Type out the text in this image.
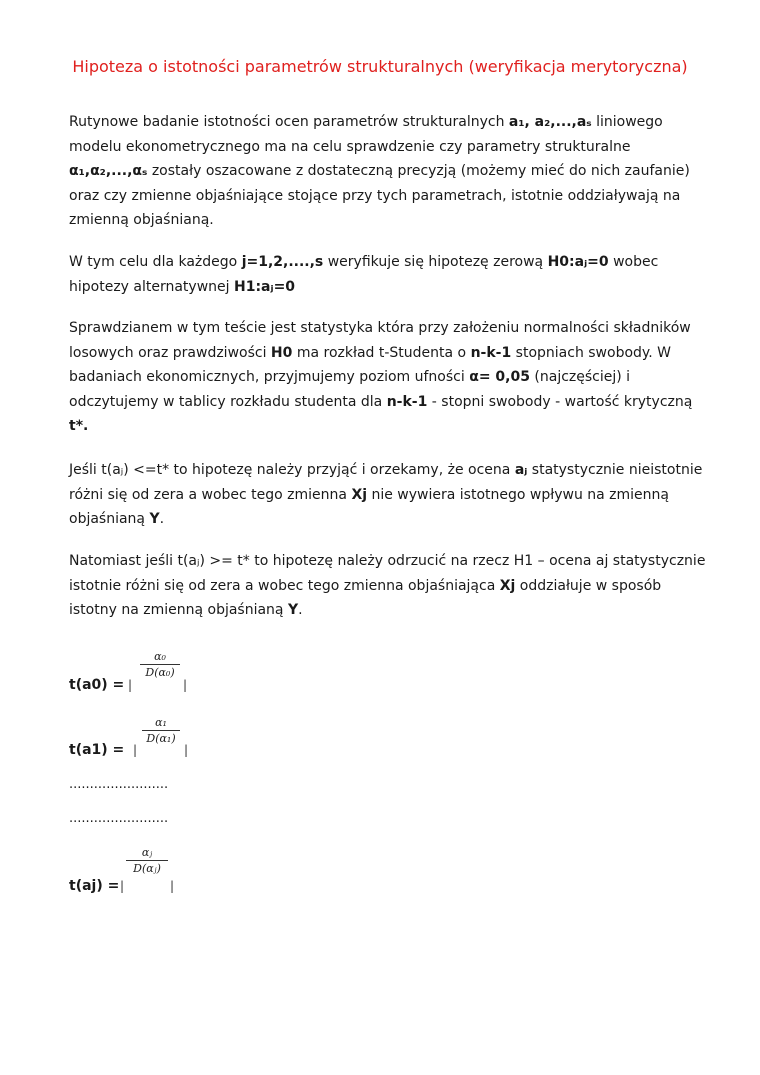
Hipoteza o istotności parametrów strukturalnych (weryfikacja merytoryczna)
Rutynowe badanie istotności ocen parametrów strukturalnych a₁, a₂,...,aₛ liniowego modelu ekonometrycznego ma na celu sprawdzenie czy parametry strukturalne α₁,α₂,...,αₛ zostały oszacowane z dostateczną precyzją (możemy mieć do nich zaufanie) oraz czy zmienne objaśniające stojące przy tych parametrach, istotnie oddziaływają na zmienną objaśnianą.
W tym celu dla każdego j=1,2,....,s weryfikuje się hipotezę zerową H0:aⱼ=0 wobec hipotezy alternatywnej H1:aⱼ=0
Sprawdzianem w tym teście jest statystyka która przy założeniu normalności składników losowych oraz prawdziwości H0 ma rozkład t-Studenta o n-k-1 stopniach swobody. W badaniach ekonomicznych, przyjmujemy poziom ufności α= 0,05 (najczęściej) i odczytujemy w tablicy rozkładu studenta dla n-k-1 - stopni swobody - wartość krytyczną t*.
Jeśli t(aⱼ) <=t* to hipotezę należy przyjąć i orzekamy, że ocena aⱼ statystycznie nieistotnie różni się od zera a wobec tego zmienna Xj nie wywiera istotnego wpływu na zmienną objaśnianą Y.
Natomiast jeśli t(aⱼ) >= t* to hipotezę należy odrzucić na rzecz H1 – ocena aj statystycznie istotnie różni się od zera a wobec tego zmienna objaśniająca Xj oddziałuje w sposób istotny na zmienną objaśnianą Y.
t(a0) = |
$\frac{\text{α₀}}{\text{D(α₀)}}$
|
t(a1) = |
$\frac{\text{α₁}}{\text{D(α₁)}}$
|
........................
........................
t(aj) = |
$\frac{\text{αⱼ}}{\text{D(αⱼ)}}$
|
